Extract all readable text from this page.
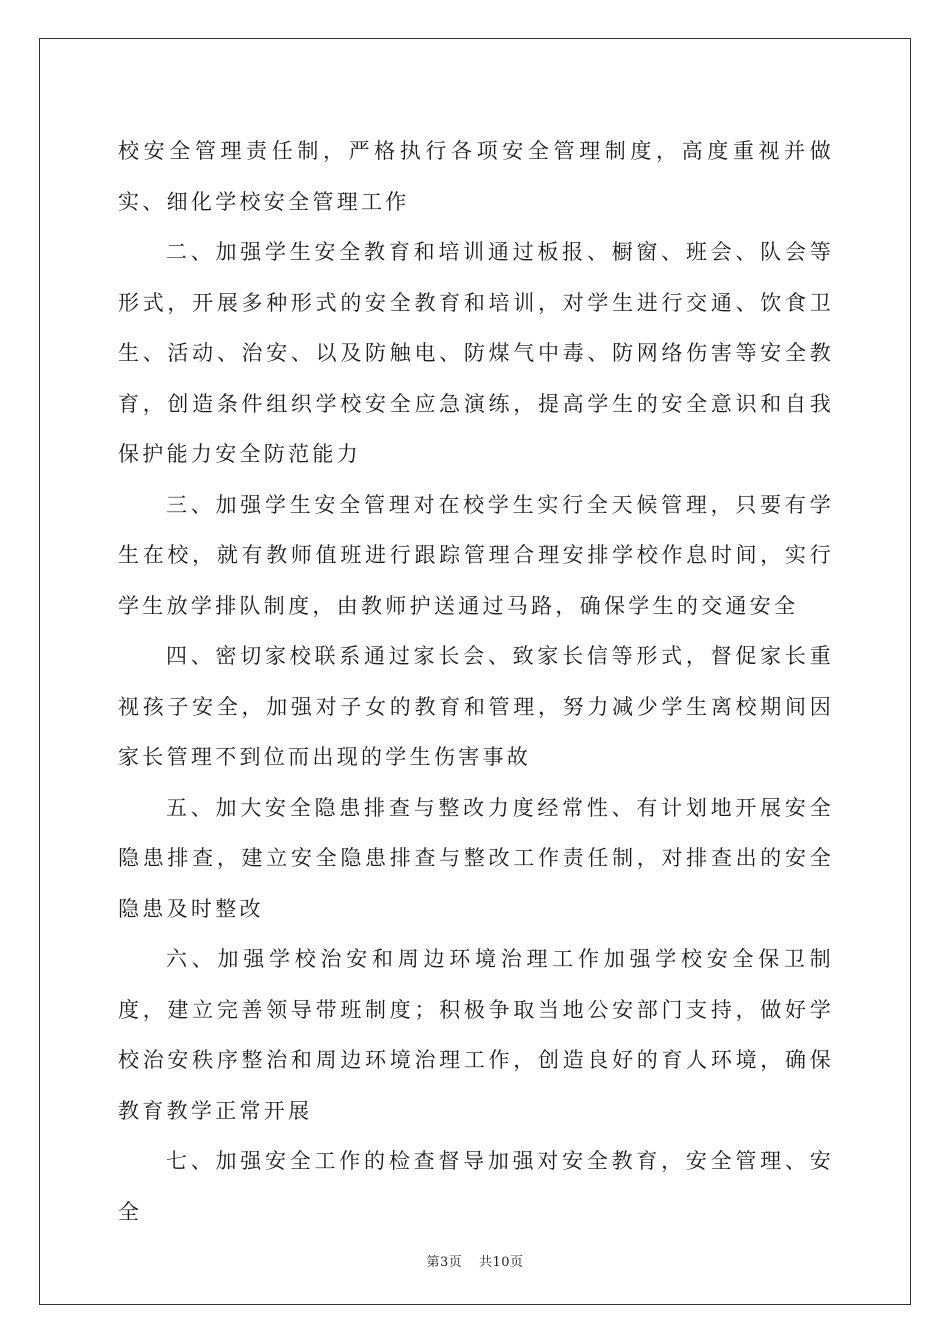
校安全管理责任制，严格执行各项安全管理制度，高度重视并做实、细化学校安全管理工作

二、加强学生安全教育和培训通过板报、橱窗、班会、队会等形式，开展多种形式的安全教育和培训，对学生进行交通、饮食卫生、活动、治安、以及防触电、防煤气中毒、防网络伤害等安全教育，创造条件组织学校安全应急演练，提高学生的安全意识和自我保护能力安全防范能力

三、加强学生安全管理对在校学生实行全天候管理，只要有学生在校，就有教师值班进行跟踪管理合理安排学校作息时间，实行学生放学排队制度，由教师护送通过马路，确保学生的交通安全

四、密切家校联系通过家长会、致家长信等形式，督促家长重视孩子安全，加强对子女的教育和管理，努力减少学生离校期间因家长管理不到位而出现的学生伤害事故

五、加大安全隐患排查与整改力度经常性、有计划地开展安全隐患排查，建立安全隐患排查与整改工作责任制，对排查出的安全隐患及时整改

六、加强学校治安和周边环境治理工作加强学校安全保卫制度，建立完善领导带班制度；积极争取当地公安部门支持，做好学校治安秩序整治和周边环境治理工作，创造良好的育人环境，确保教育教学正常开展

七、加强安全工作的检查督导加强对安全教育，安全管理、安全

第3页 共10页
